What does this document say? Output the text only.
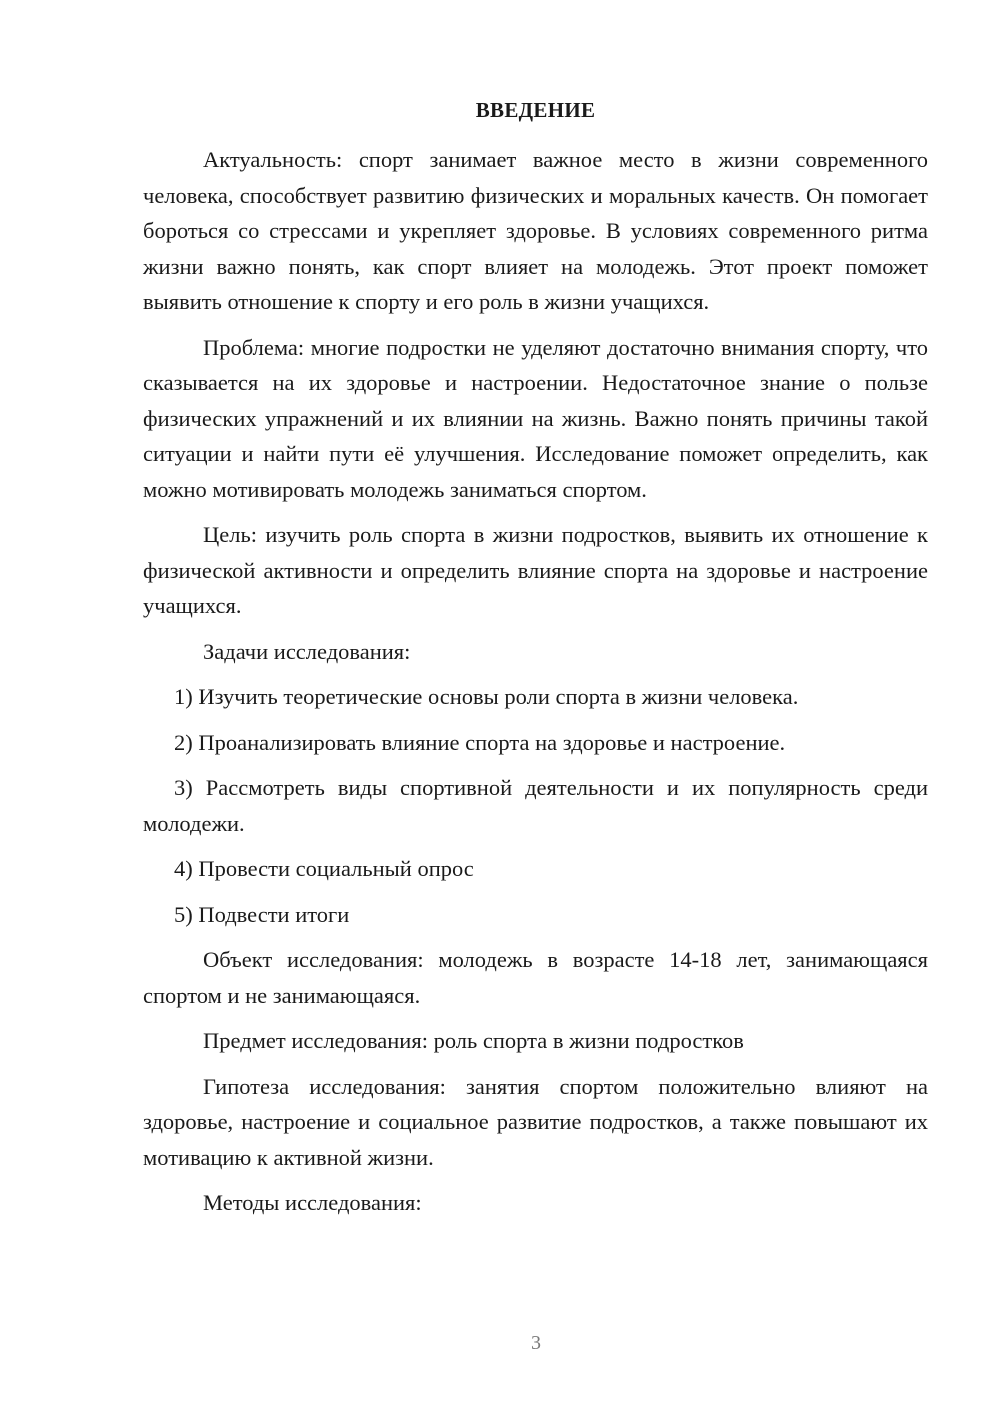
ВВЕДЕНИЕ

Актуальность: спорт занимает важное место в жизни современного человека, способствует развитию физических и моральных качеств. Он помогает бороться со стрессами и укрепляет здоровье. В условиях современного ритма жизни важно понять, как спорт влияет на молодежь. Этот проект поможет выявить отношение к спорту и его роль в жизни учащихся.

Проблема: многие подростки не уделяют достаточно внимания спорту, что сказывается на их здоровье и настроении. Недостаточное знание о пользе физических упражнений и их влиянии на жизнь. Важно понять причины такой ситуации и найти пути её улучшения. Исследование поможет определить, как можно мотивировать молодежь заниматься спортом.

Цель: изучить роль спорта в жизни подростков, выявить их отношение к физической активности и определить влияние спорта на здоровье и настроение учащихся.

Задачи исследования:

1) Изучить теоретические основы роли спорта в жизни человека.

2) Проанализировать влияние спорта на здоровье и настроение.

3) Рассмотреть виды спортивной деятельности и их популярность среди молодежи.

4) Провести социальный опрос

5) Подвести итоги

Объект исследования: молодежь в возрасте 14-18 лет, занимающаяся спортом и не занимающаяся.

Предмет исследования: роль спорта в жизни подростков

Гипотеза исследования: занятия спортом положительно влияют на здоровье, настроение и социальное развитие подростков, а также повышают их мотивацию к активной жизни.

Методы исследования:

3
